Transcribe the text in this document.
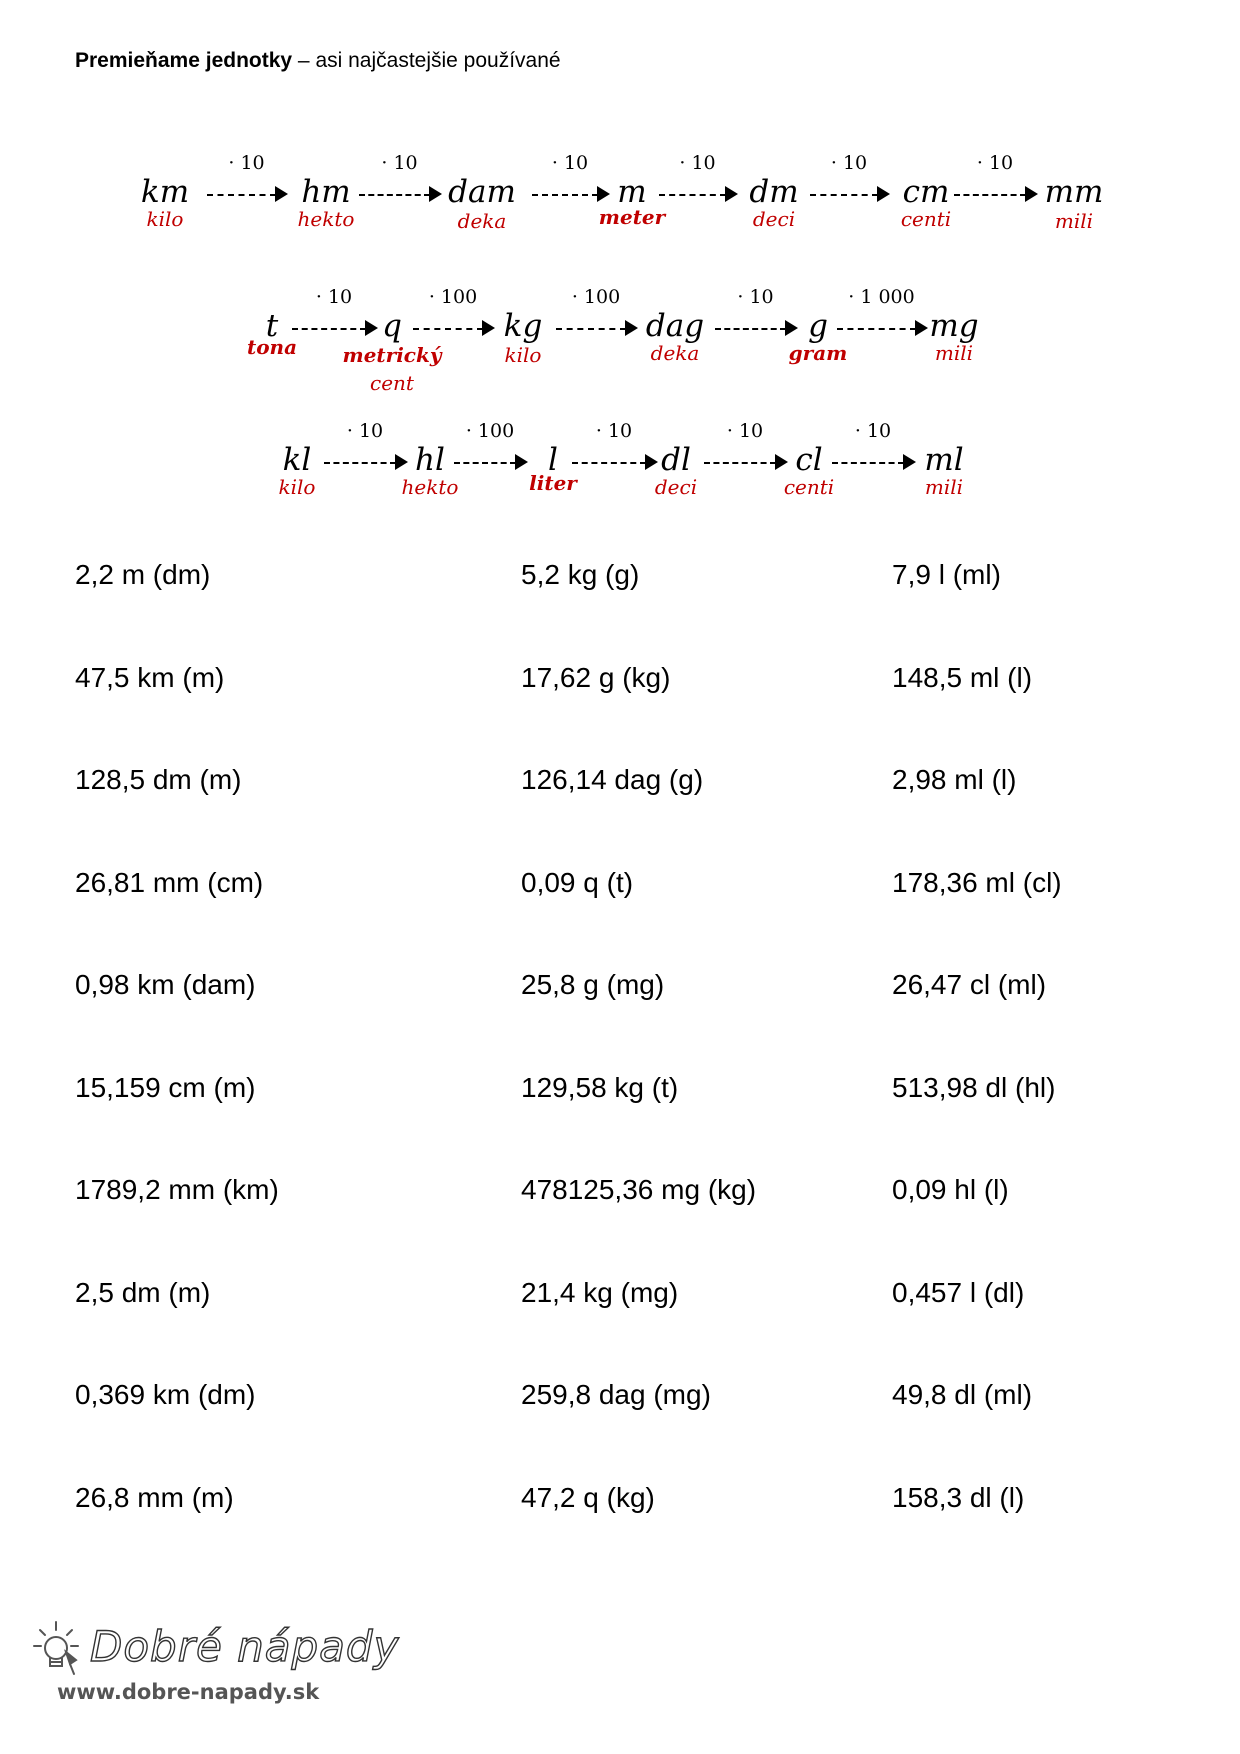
Premieňame jednotky – asi najčastejšie používané
km
kilo
hm
hekto
dam
deka
m
meter
dm
deci
cm
centi
mm
mili
· 10	· 10	· 10	· 10	· 10	· 10
t
tona
q
metrický
cent
kg
kilo
dag
deka
g
gram
mg
mili
· 10	· 100	· 100	· 10	· 1 000
kl
kilo
hl
hekto
l
liter
dl
deci
cl
centi
ml
mili
· 10	· 100	· 10	· 10	· 10
2,2 m (dm)	5,2 kg (g)	7,9 l (ml)
47,5 km (m)	17,62 g (kg)	148,5 ml (l)
128,5 dm (m)	126,14 dag (g)	2,98 ml (l)
26,81 mm (cm)	0,09 q (t)	178,36 ml (cl)
0,98 km (dam)	25,8 g (mg)	26,47 cl (ml)
15,159 cm (m)	129,58 kg (t)	513,98 dl (hl)
1789,2 mm (km)	478125,36 mg (kg)	0,09 hl (l)
2,5 dm (m)	21,4 kg (mg)	0,457 l (dl)
0,369 km (dm)	259,8 dag (mg)	49,8 dl (ml)
26,8 mm (m)	47,2 q (kg)	158,3 dl (l)
Dobré nápady
www.dobre-napady.sk
